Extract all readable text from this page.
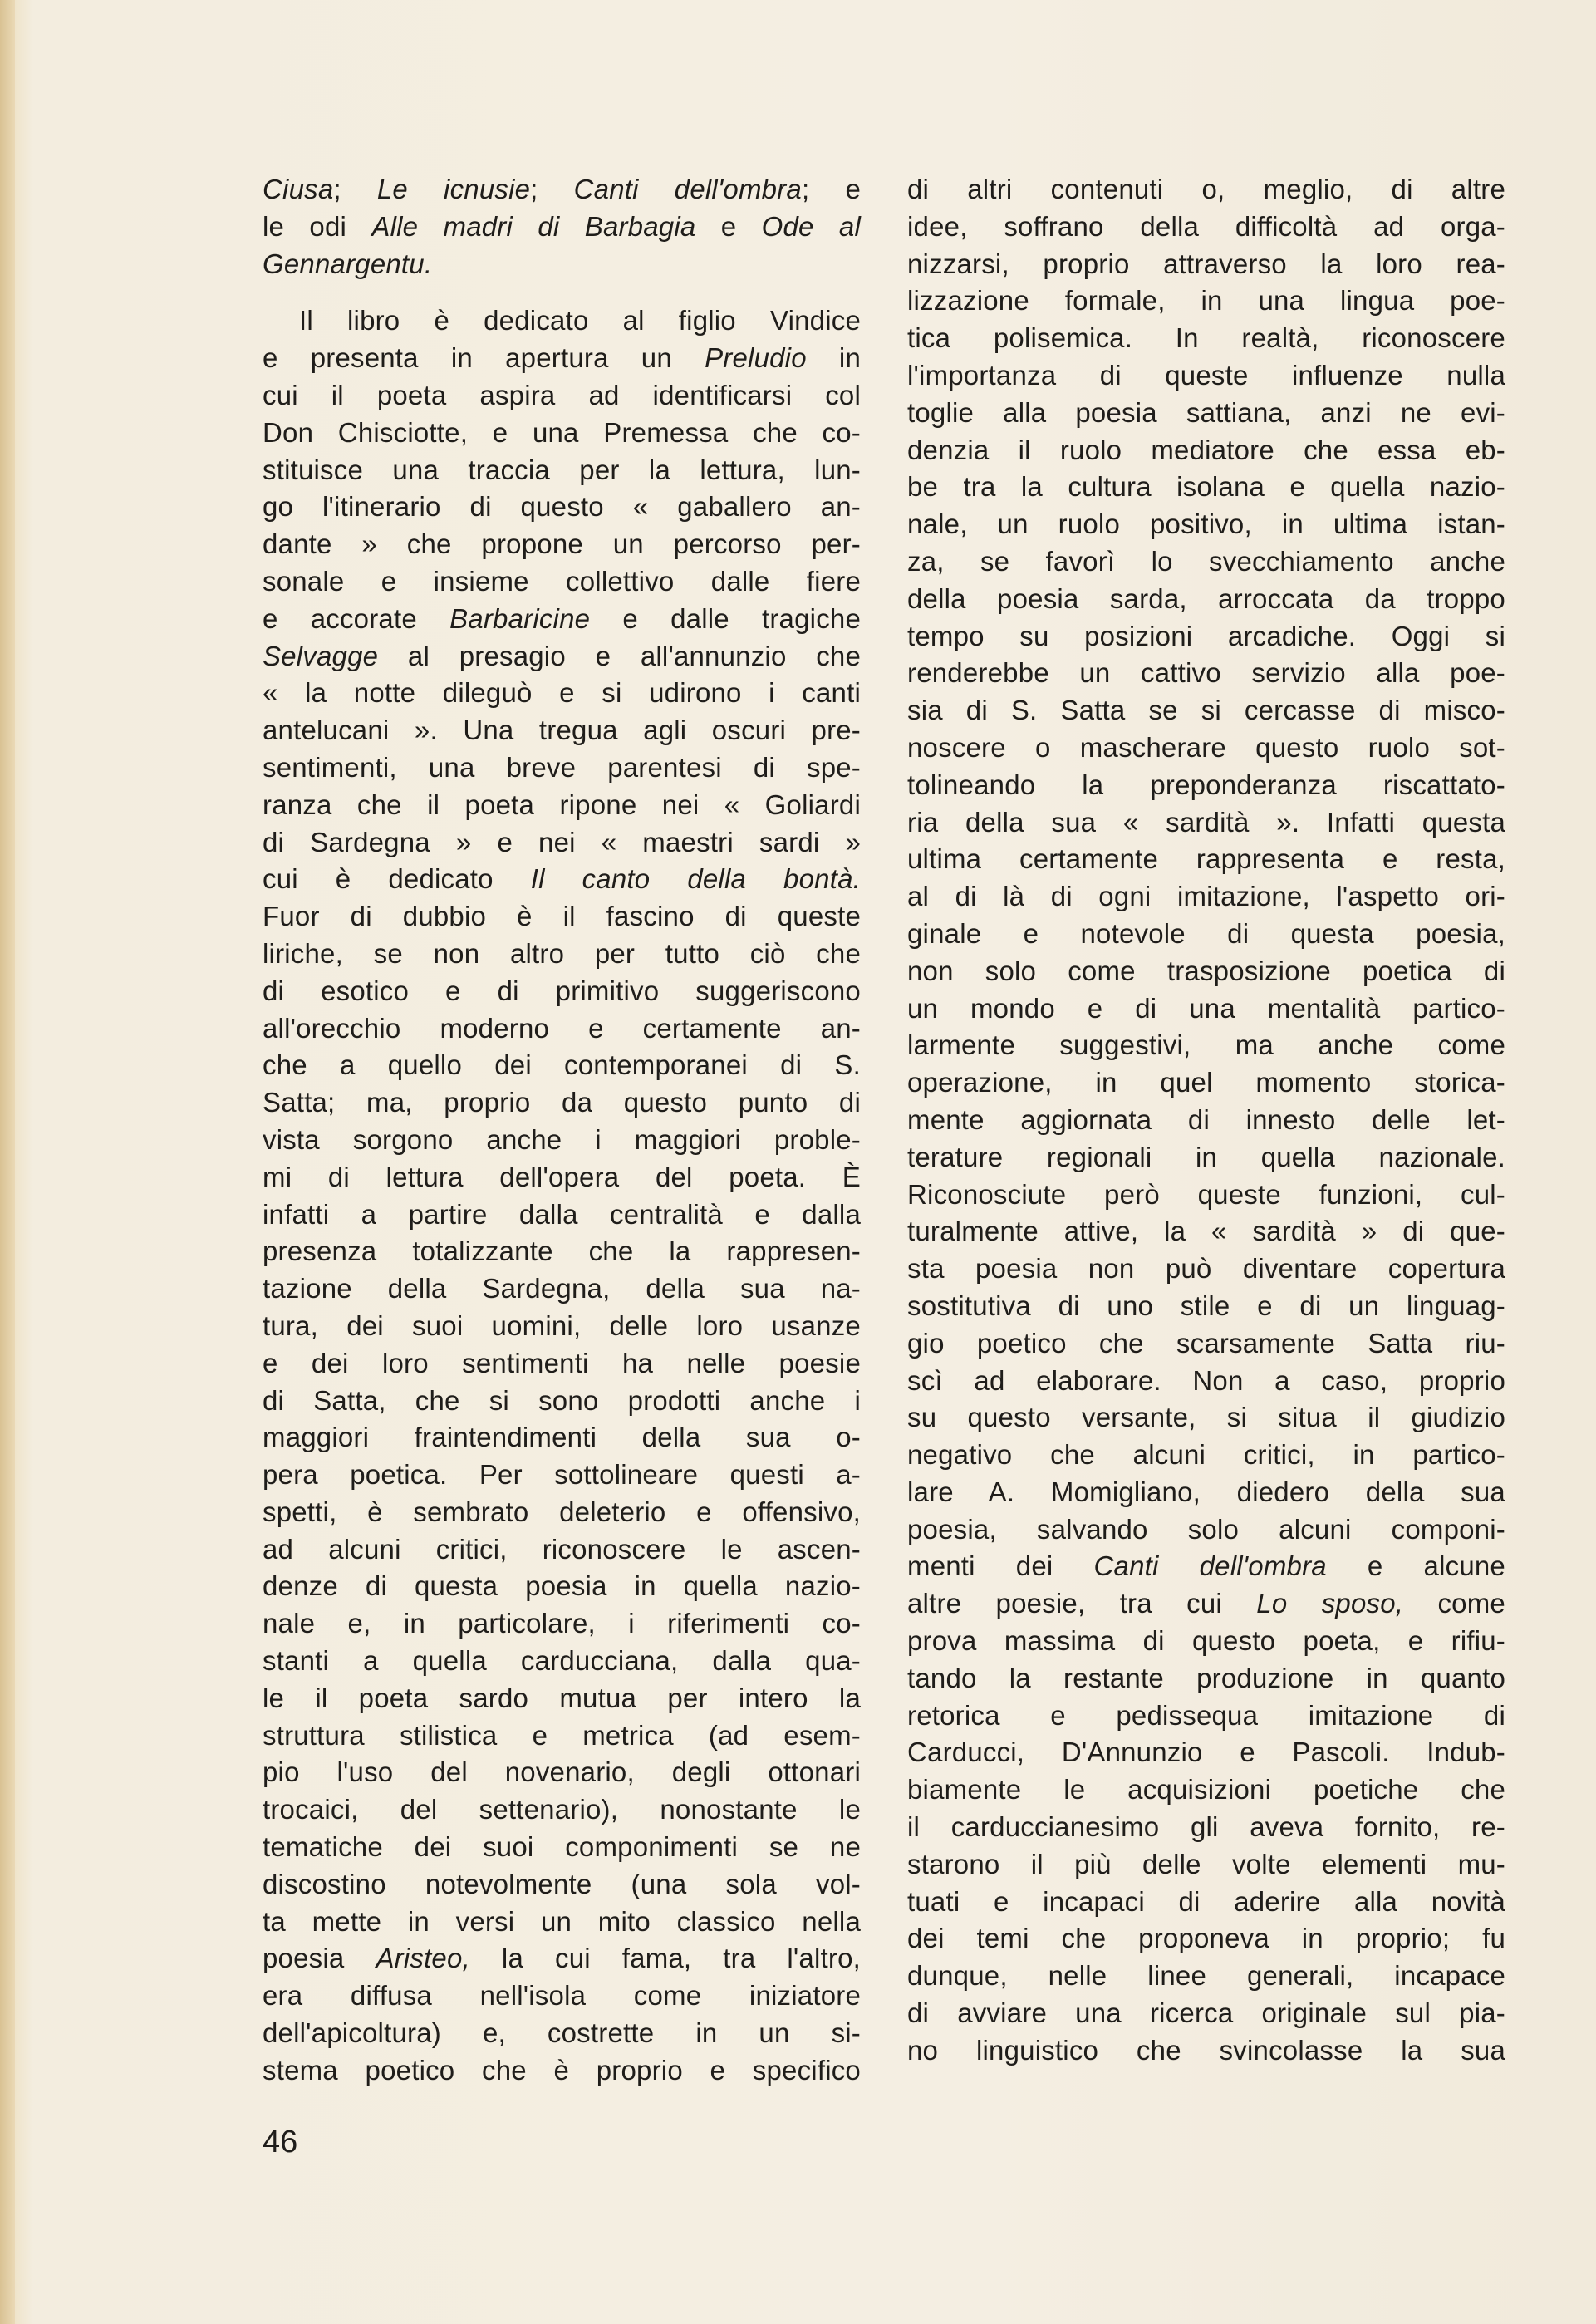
Ciusa; Le icnusie; Canti dell'ombra; e
le odi Alle madri di Barbagia e Ode al
Gennargentu.
Il libro è dedicato al figlio Vindice
e presenta in apertura un Preludio in
cui il poeta aspira ad identificarsi col
Don Chisciotte, e una Premessa che co-
stituisce una traccia per la lettura, lun-
go l'itinerario di questo « gaballero an-
dante » che propone un percorso per-
sonale e insieme collettivo dalle fiere
e accorate Barbaricine e dalle tragiche
Selvagge al presagio e all'annunzio che
« la notte dileguò e si udirono i canti
antelucani ». Una tregua agli oscuri pre-
sentimenti, una breve parentesi di spe-
ranza che il poeta ripone nei « Goliardi
di Sardegna » e nei « maestri sardi »
cui è dedicato Il canto della bontà.
Fuor di dubbio è il fascino di queste
liriche, se non altro per tutto ciò che
di esotico e di primitivo suggeriscono
all'orecchio moderno e certamente an-
che a quello dei contemporanei di S.
Satta; ma, proprio da questo punto di
vista sorgono anche i maggiori proble-
mi di lettura dell'opera del poeta. È
infatti a partire dalla centralità e dalla
presenza totalizzante che la rappresen-
tazione della Sardegna, della sua na-
tura, dei suoi uomini, delle loro usanze
e dei loro sentimenti ha nelle poesie
di Satta, che si sono prodotti anche i
maggiori fraintendimenti della sua o-
pera poetica. Per sottolineare questi a-
spetti, è sembrato deleterio e offensivo,
ad alcuni critici, riconoscere le ascen-
denze di questa poesia in quella nazio-
nale e, in particolare, i riferimenti co-
stanti a quella carducciana, dalla qua-
le il poeta sardo mutua per intero la
struttura stilistica e metrica (ad esem-
pio l'uso del novenario, degli ottonari
trocaici, del settenario), nonostante le
tematiche dei suoi componimenti se ne
discostino notevolmente (una sola vol-
ta mette in versi un mito classico nella
poesia Aristeo, la cui fama, tra l'altro,
era diffusa nell'isola come iniziatore
dell'apicoltura) e, costrette in un si-
stema poetico che è proprio e specifico
di altri contenuti o, meglio, di altre
idee, soffrano della difficoltà ad orga-
nizzarsi, proprio attraverso la loro rea-
lizzazione formale, in una lingua poe-
tica polisemica. In realtà, riconoscere
l'importanza di queste influenze nulla
toglie alla poesia sattiana, anzi ne evi-
denzia il ruolo mediatore che essa eb-
be tra la cultura isolana e quella nazio-
nale, un ruolo positivo, in ultima istan-
za, se favorì lo svecchiamento anche
della poesia sarda, arroccata da troppo
tempo su posizioni arcadiche. Oggi si
renderebbe un cattivo servizio alla poe-
sia di S. Satta se si cercasse di misco-
noscere o mascherare questo ruolo sot-
tolineando la preponderanza riscattato-
ria della sua « sardità ». Infatti questa
ultima certamente rappresenta e resta,
al di là di ogni imitazione, l'aspetto ori-
ginale e notevole di questa poesia,
non solo come trasposizione poetica di
un mondo e di una mentalità partico-
larmente suggestivi, ma anche come
operazione, in quel momento storica-
mente aggiornata di innesto delle let-
terature regionali in quella nazionale.
Riconosciute però queste funzioni, cul-
turalmente attive, la « sardità » di que-
sta poesia non può diventare copertura
sostitutiva di uno stile e di un linguag-
gio poetico che scarsamente Satta riu-
scì ad elaborare. Non a caso, proprio
su questo versante, si situa il giudizio
negativo che alcuni critici, in partico-
lare A. Momigliano, diedero della sua
poesia, salvando solo alcuni componi-
menti dei Canti dell'ombra e alcune
altre poesie, tra cui Lo sposo, come
prova massima di questo poeta, e rifiu-
tando la restante produzione in quanto
retorica e pedissequa imitazione di
Carducci, D'Annunzio e Pascoli. Indub-
biamente le acquisizioni poetiche che
il carduccianesimo gli aveva fornito, re-
starono il più delle volte elementi mu-
tuati e incapaci di aderire alla novità
dei temi che proponeva in proprio; fu
dunque, nelle linee generali, incapace
di avviare una ricerca originale sul pia-
no linguistico che svincolasse la sua
46
